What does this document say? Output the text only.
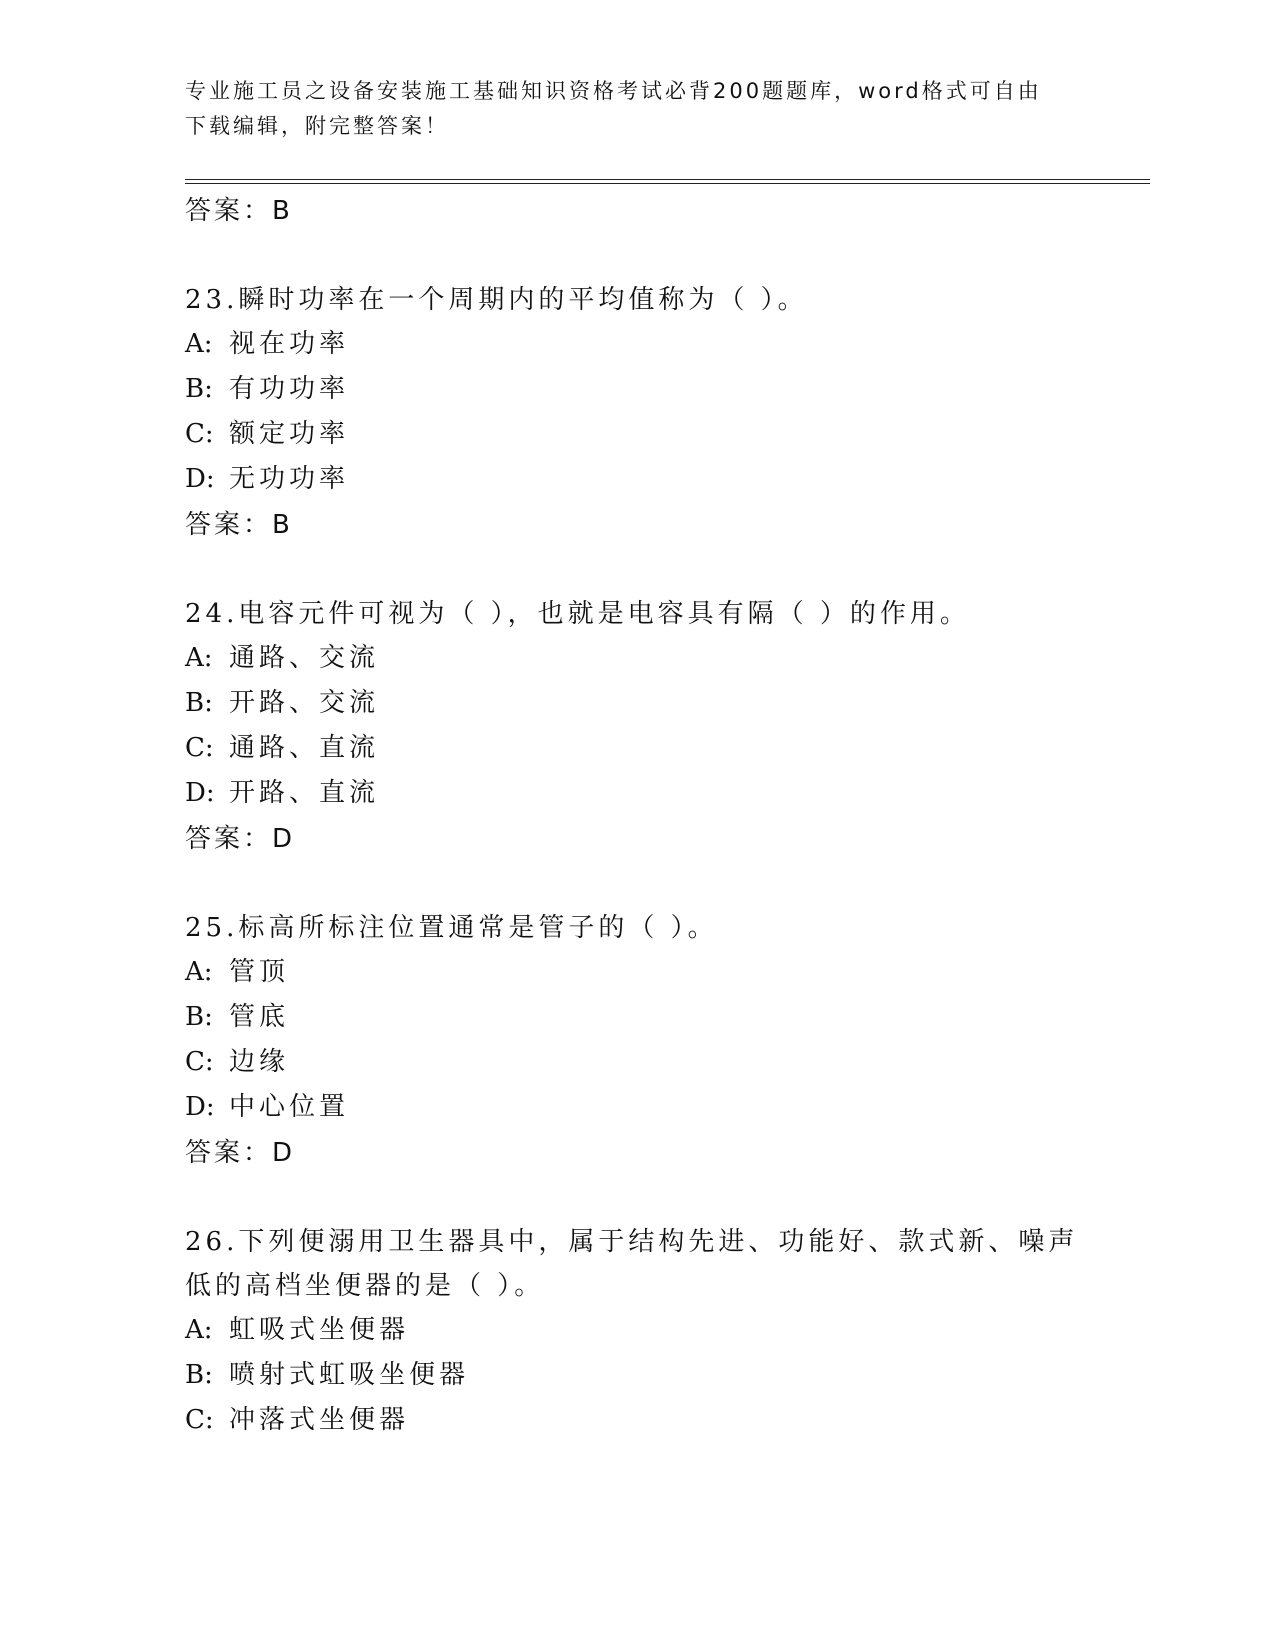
专业施工员之设备安装施工基础知识资格考试必背200题题库，word格式可自由下载编辑，附完整答案！
答案：B
23.瞬时功率在一个周期内的平均值称为（ ）。
A: 视在功率
B: 有功功率
C: 额定功率
D: 无功功率
答案：B
24.电容元件可视为（ ），也就是电容具有隔（ ）的作用。
A: 通路、交流
B: 开路、交流
C: 通路、直流
D: 开路、直流
答案：D
25.标高所标注位置通常是管子的（ ）。
A: 管顶
B: 管底
C: 边缘
D: 中心位置
答案：D
26.下列便溺用卫生器具中，属于结构先进、功能好、款式新、噪声低的高档坐便器的是（ ）。
A: 虹吸式坐便器
B: 喷射式虹吸坐便器
C: 冲落式坐便器
